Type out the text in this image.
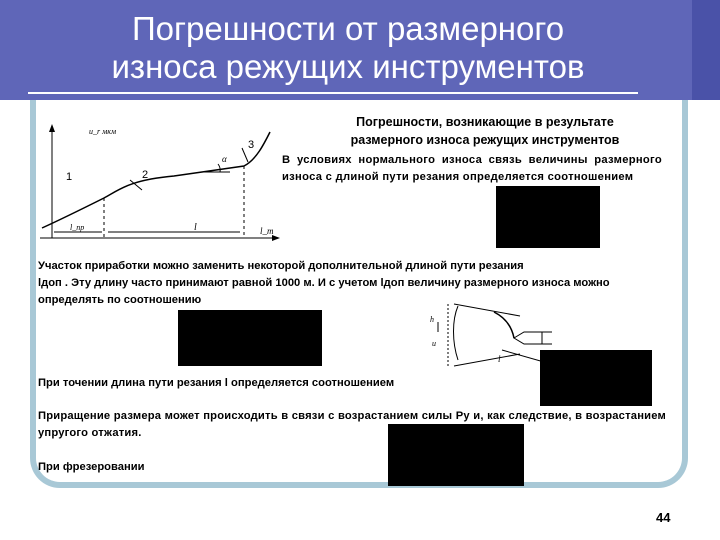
Погрешности от размерного
износа режущих инструментов
u_r мкм
1	2
3
α
l_пр	l	l_m
Погрешности, возникающие в результате
размерного износа режущих инструментов
В условиях нормального износа связь величины размерного износа с длиной пути резания определяется соотношением
Участок приработки можно заменить некоторой дополнительной длиной пути резания
lдоп . Эту длину часто принимают равной 1000 м. И с учетом lдоп величину размерного износа можно определять по соотношению
h
u
l
При точении длина пути резания l определяется соотношением
Приращение размера может происходить в связи с возрастанием силы Ру и, как следствие, в возрастанием упругого отжатия.
При фрезеровании
44
